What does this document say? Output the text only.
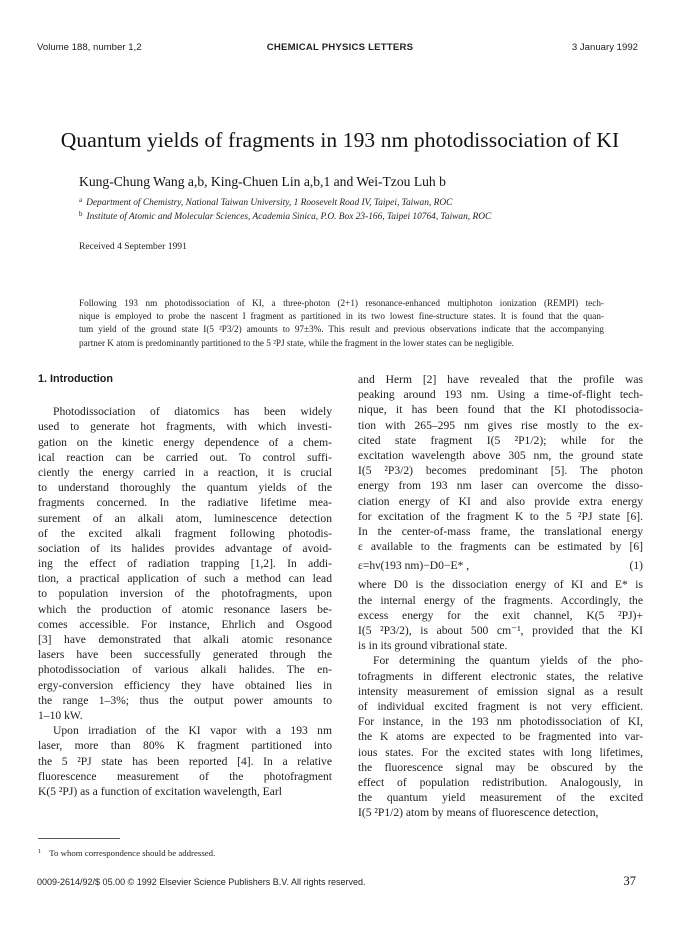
Volume 188, number 1,2	CHEMICAL PHYSICS LETTERS	3 January 1992
Quantum yields of fragments in 193 nm photodissociation of KI
Kung-Chung Wang a,b, King-Chuen Lin a,b,1 and Wei-Tzou Luh b
$^a$ Department of Chemistry, National Taiwan University, 1 Roosevelt Road IV, Taipei, Taiwan, ROC
$^b$ Institute of Atomic and Molecular Sciences, Academia Sinica, P.O. Box 23-166, Taipei 10764, Taiwan, ROC
Received 4 September 1991
Following 193 nm photodissociation of KI, a three-photon (2+1) resonance-enhanced multiphoton ionization (REMPI) tech-
nique is employed to probe the nascent I fragment as partitioned in its two lowest fine-structure states. It is found that the quan-
tum yield of the ground state I(5 ²P3/2) amounts to 97±3%. This result and previous observations indicate that the accompanying
partner K atom is predominantly partitioned to the 5 ²PJ state, while the fragment in the lower states can be negligible.
1. Introduction
Photodissociation of diatomics has been widely
used to generate hot fragments, with which investi-
gation on the kinetic energy dependence of a chem-
ical reaction can be carried out. To control suffi-
ciently the energy carried in a reaction, it is crucial
to understand thoroughly the quantum yields of the
fragments concerned. In the radiative lifetime mea-
surement of an alkali atom, luminescence detection
of the excited alkali fragment following photodis-
sociation of its halides provides advantage of avoid-
ing the effect of radiation trapping [1,2]. In addi-
tion, a practical application of such a method can lead
to population inversion of the photofragments, upon
which the production of atomic resonance lasers be-
comes accessible. For instance, Ehrlich and Osgood
[3] have demonstrated that alkali atomic resonance
lasers have been successfully generated through the
photodissociation of various alkali halides. The en-
ergy-conversion efficiency they have obtained lies in
the range 1–3%; thus the output power amounts to
1–10 kW.
Upon irradiation of the KI vapor with a 193 nm
laser, more than 80% K fragment partitioned into
the 5 ²PJ state has been reported [4]. In a relative
fluorescence measurement of the photofragment
K(5 ²PJ) as a function of excitation wavelength, Earl
and Herm [2] have revealed that the profile was
peaking around 193 nm. Using a time-of-flight tech-
nique, it has been found that the KI photodissocia-
tion with 265–295 nm gives rise mostly to the ex-
cited state fragment I(5 ²P1/2); while for the
excitation wavelength above 305 nm, the ground state
I(5 ²P3/2) becomes predominant [5]. The photon
energy from 193 nm laser can overcome the disso-
ciation energy of KI and also provide extra energy
for excitation of the fragment K to the 5 ²PJ state [6].
In the center-of-mass frame, the translational energy
ε available to the fragments can be estimated by [6]
ε=hν(193 nm)−D0−E* ,	(1)
where D0 is the dissociation energy of KI and E* is
the internal energy of the fragments. Accordingly, the
excess energy for the exit channel, K(5 ²PJ)+
I(5 ²P3/2), is about 500 cm⁻¹, provided that the KI
is in its ground vibrational state.
For determining the quantum yields of the pho-
tofragments in different electronic states, the relative
intensity measurement of emission signal as a result
of individual excited fragment is not very efficient.
For instance, in the 193 nm photodissociation of KI,
the K atoms are expected to be fragmented into var-
ious states. For the excited states with long lifetimes,
the fluorescence signal may be obscured by the
effect of population redistribution. Analogously, in
the quantum yield measurement of the excited
I(5 ²P1/2) atom by means of fluorescence detection,
$^1$ To whom correspondence should be addressed.
0009-2614/92/$ 05.00 © 1992 Elsevier Science Publishers B.V. All rights reserved.	37
